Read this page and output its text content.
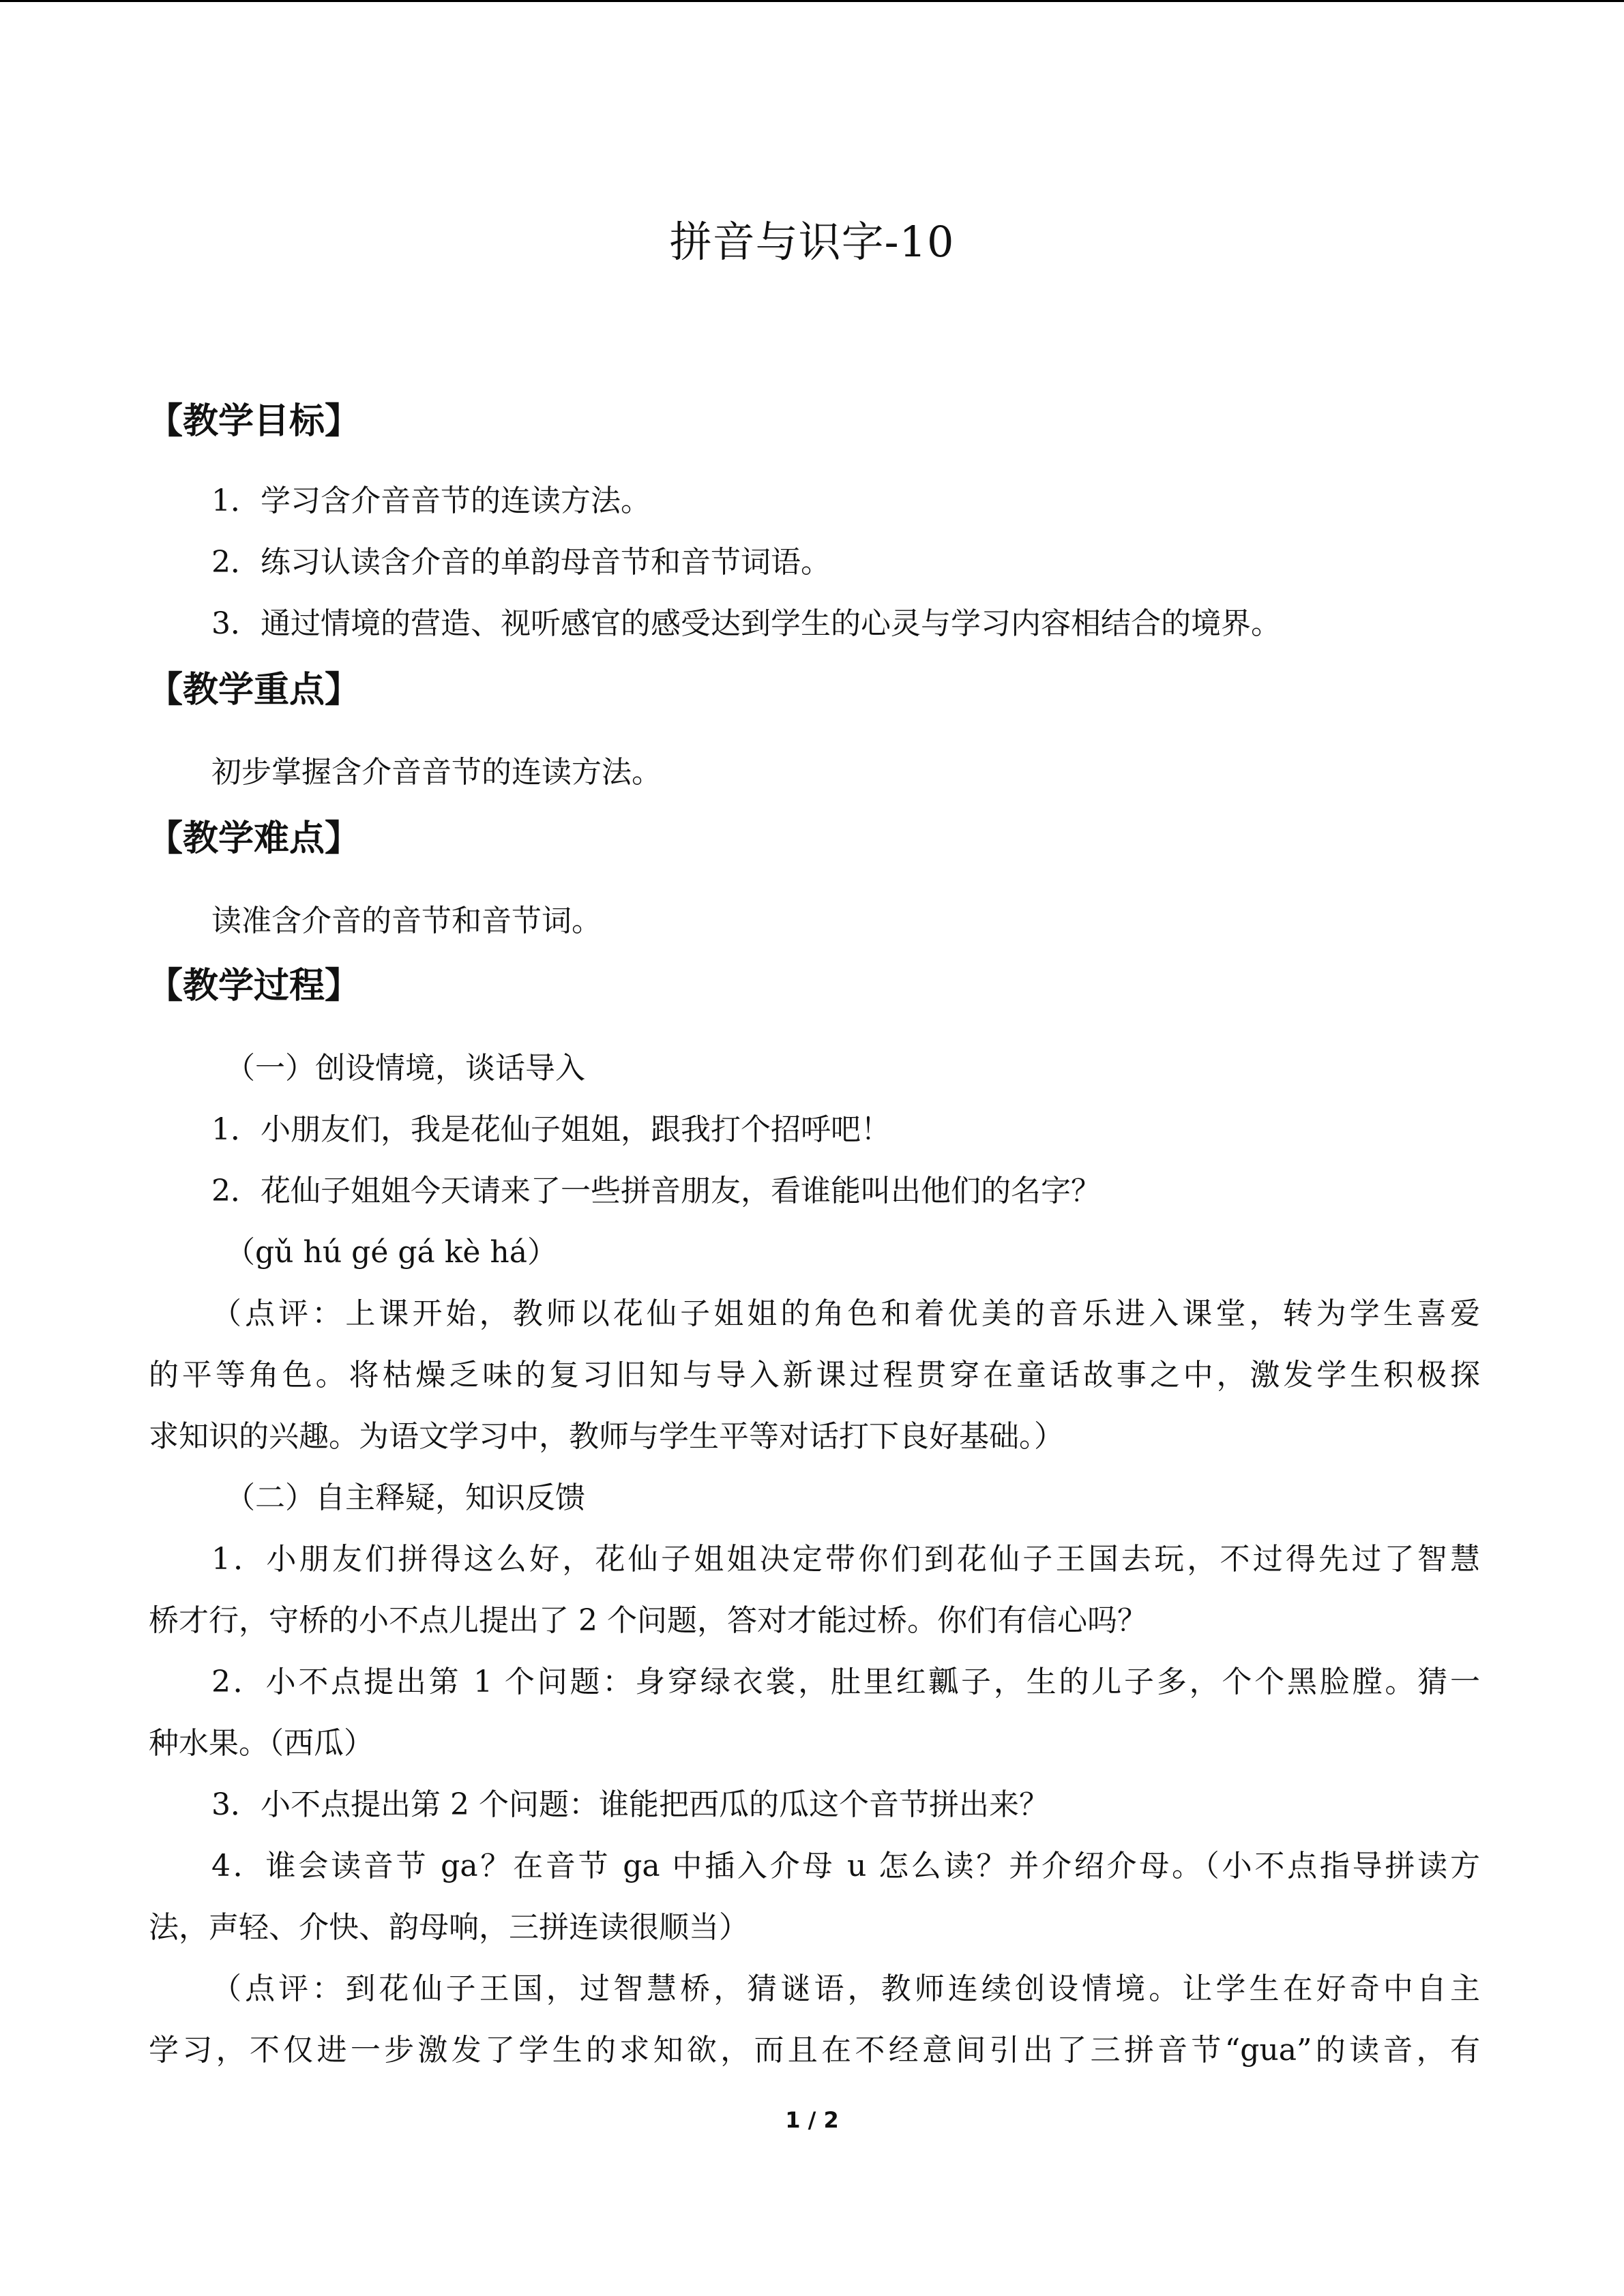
拼音与识字-10
【教学目标】
1．学习含介音音节的连读方法。
2．练习认读含介音的单韵母音节和音节词语。
3．通过情境的营造、视听感官的感受达到学生的心灵与学习内容相结合的境界。
【教学重点】
初步掌握含介音音节的连读方法。
【教学难点】
读准含介音的音节和音节词。
【教学过程】
（一）创设情境，谈话导入
1．小朋友们，我是花仙子姐姐，跟我打个招呼吧！
2．花仙子姐姐今天请来了一些拼音朋友，看谁能叫出他们的名字？
（gǔ hú gé gá kè há）
（点评：上课开始，教师以花仙子姐姐的角色和着优美的音乐进入课堂，转为学生喜爱
的平等角色。将枯燥乏味的复习旧知与导入新课过程贯穿在童话故事之中，激发学生积极探
求知识的兴趣。为语文学习中，教师与学生平等对话打下良好基础。）
（二）自主释疑，知识反馈
1．小朋友们拼得这么好，花仙子姐姐决定带你们到花仙子王国去玩，不过得先过了智慧
桥才行，守桥的小不点儿提出了 2 个问题，答对才能过桥。你们有信心吗？
2．小不点提出第 1 个问题：身穿绿衣裳，肚里红瓤子，生的儿子多，个个黑脸膛。猜一
种水果。（西瓜）
3．小不点提出第 2 个问题：谁能把西瓜的瓜这个音节拼出来？
4．谁会读音节 ga？在音节 ga 中插入介母 u 怎么读？并介绍介母。（小不点指导拼读方
法，声轻、介快、韵母响，三拼连读很顺当）
（点评：到花仙子王国，过智慧桥，猜谜语，教师连续创设情境。让学生在好奇中自主
学习，不仅进一步激发了学生的求知欲，而且在不经意间引出了三拼音节“gua”的读音，有
1 / 2
